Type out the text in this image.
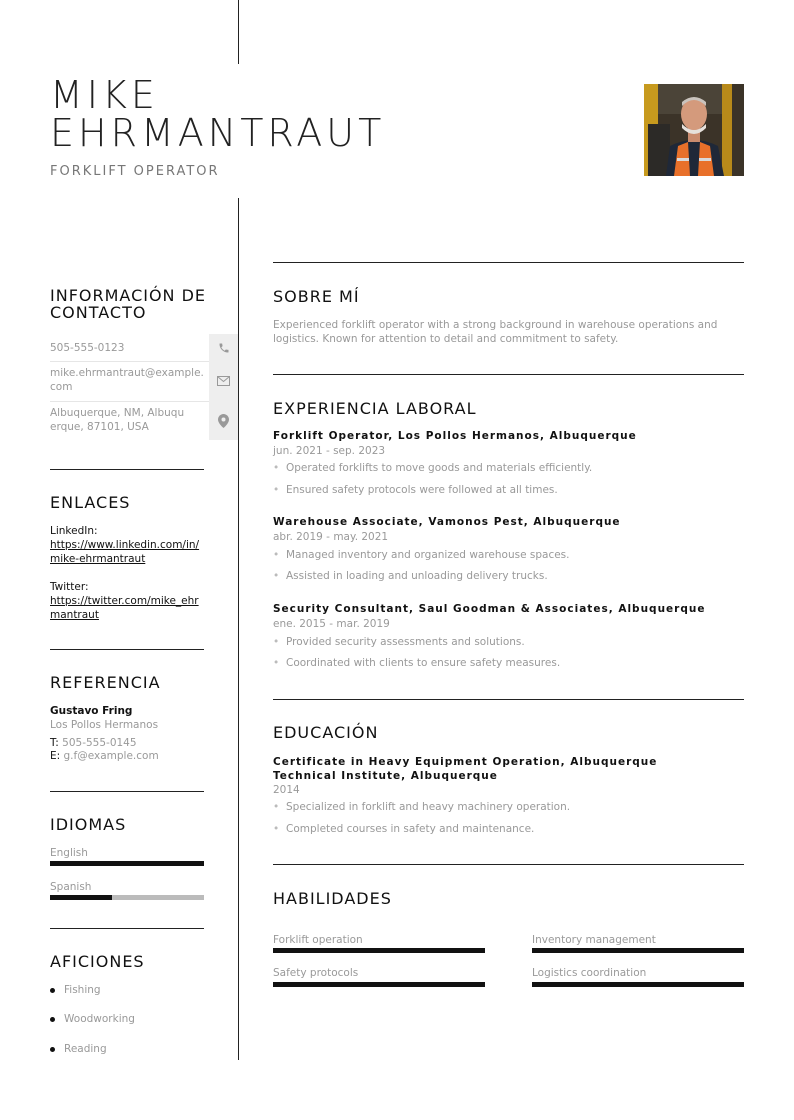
MIKE
EHRMANTRAUT
FORKLIFT OPERATOR
INFORMACIÓN DE CONTACTO
505-555-0123
mike.ehrmantraut@example.com
Albuquerque, NM, Albuquerque, 87101, USA
ENLACES
LinkedIn:
https://www.linkedin.com/in/mike-ehrmantraut
Twitter:
https://twitter.com/mike_ehrmantraut
REFERENCIA
Gustavo Fring
Los Pollos Hermanos
T: 505-555-0145
E: g.f@example.com
IDIOMAS
English
Spanish
AFICIONES
Fishing
Woodworking
Reading
SOBRE MÍ
Experienced forklift operator with a strong background in warehouse operations and logistics. Known for attention to detail and commitment to safety.
EXPERIENCIA LABORAL
Forklift Operator, Los Pollos Hermanos, Albuquerque
jun. 2021 - sep. 2023
• Operated forklifts to move goods and materials efficiently.
• Ensured safety protocols were followed at all times.
Warehouse Associate, Vamonos Pest, Albuquerque
abr. 2019 - may. 2021
• Managed inventory and organized warehouse spaces.
• Assisted in loading and unloading delivery trucks.
Security Consultant, Saul Goodman & Associates, Albuquerque
ene. 2015 - mar. 2019
• Provided security assessments and solutions.
• Coordinated with clients to ensure safety measures.
EDUCACIÓN
Certificate in Heavy Equipment Operation, Albuquerque Technical Institute, Albuquerque
2014
• Specialized in forklift and heavy machinery operation.
• Completed courses in safety and maintenance.
HABILIDADES
Forklift operation	Inventory management
Safety protocols	Logistics coordination
